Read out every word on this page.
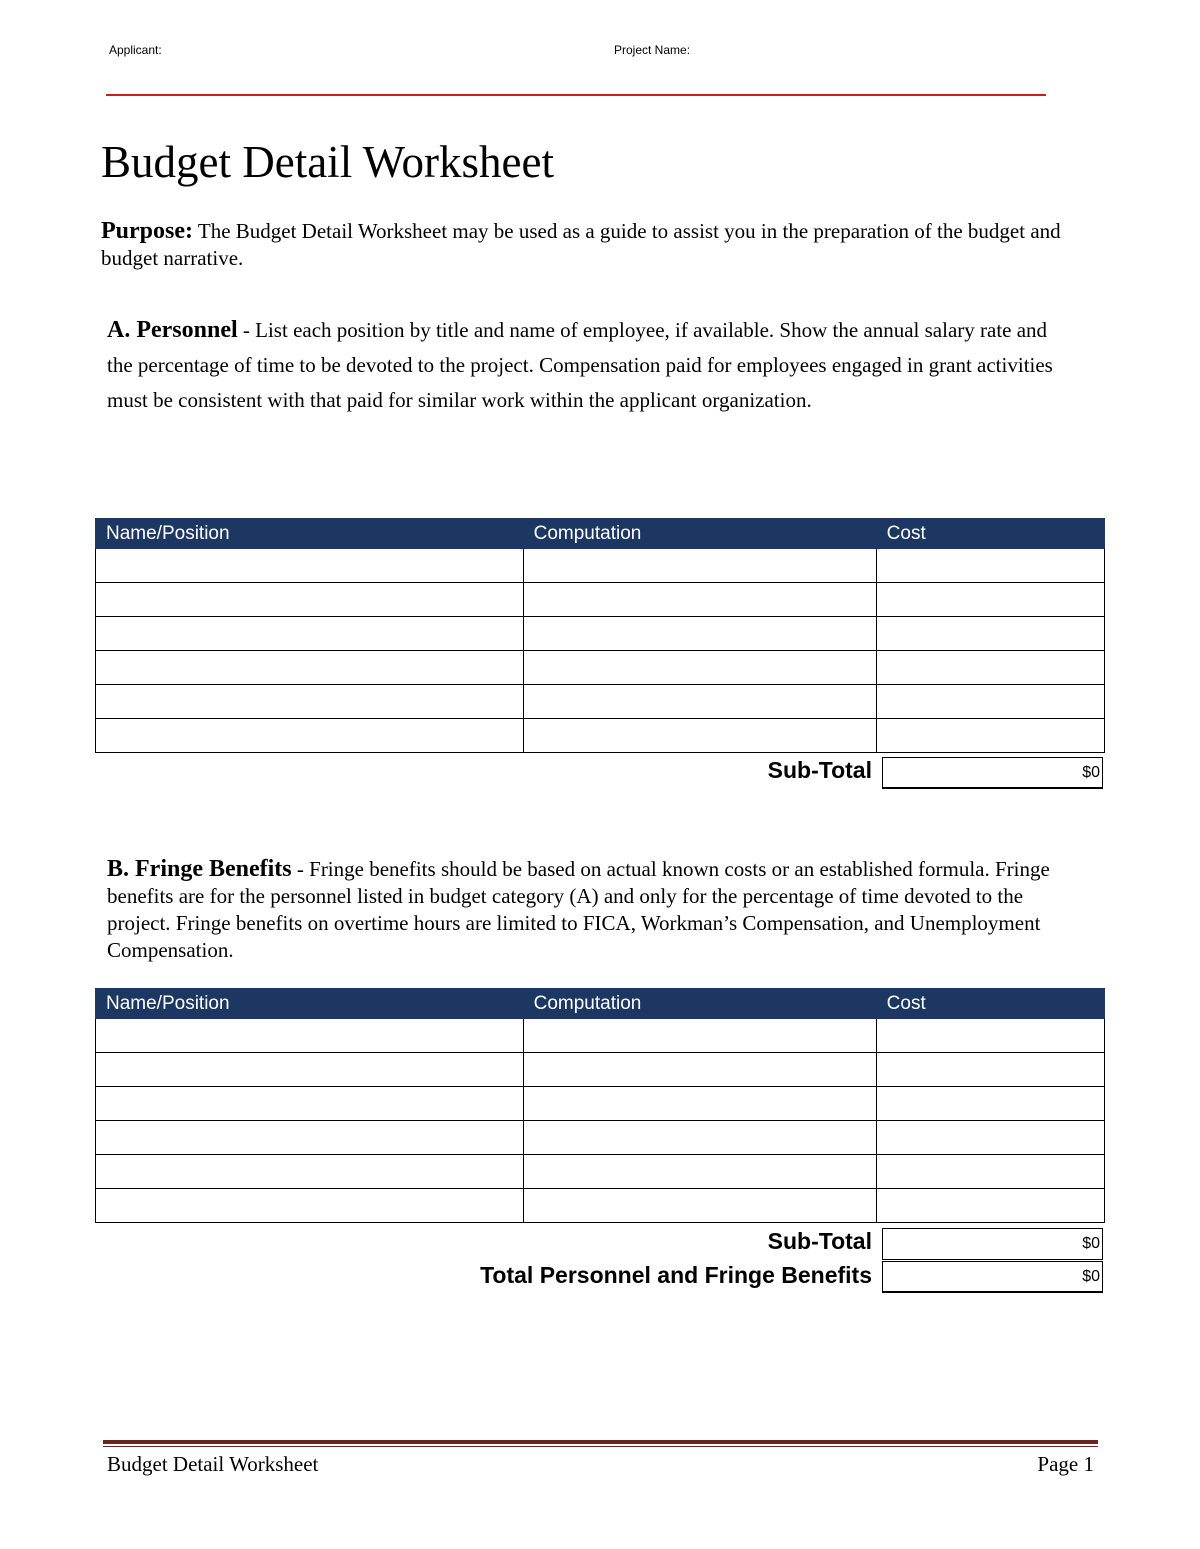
Applicant:	Project Name:
Budget Detail Worksheet
Purpose: The Budget Detail Worksheet may be used as a guide to assist you in the preparation of the budget and budget narrative.
A. Personnel - List each position by title and name of employee, if available. Show the annual salary rate and the percentage of time to be devoted to the project. Compensation paid for employees engaged in grant activities must be consistent with that paid for similar work within the applicant organization.
Name/Position	Computation	Cost

Sub-Total	$0
B. Fringe Benefits - Fringe benefits should be based on actual known costs or an established formula. Fringe benefits are for the personnel listed in budget category (A) and only for the percentage of time devoted to the project. Fringe benefits on overtime hours are limited to FICA, Workman’s Compensation, and Unemployment Compensation.
Name/Position	Computation	Cost

Sub-Total	$0
Total Personnel and Fringe Benefits	$0
Budget Detail Worksheet	Page 1
